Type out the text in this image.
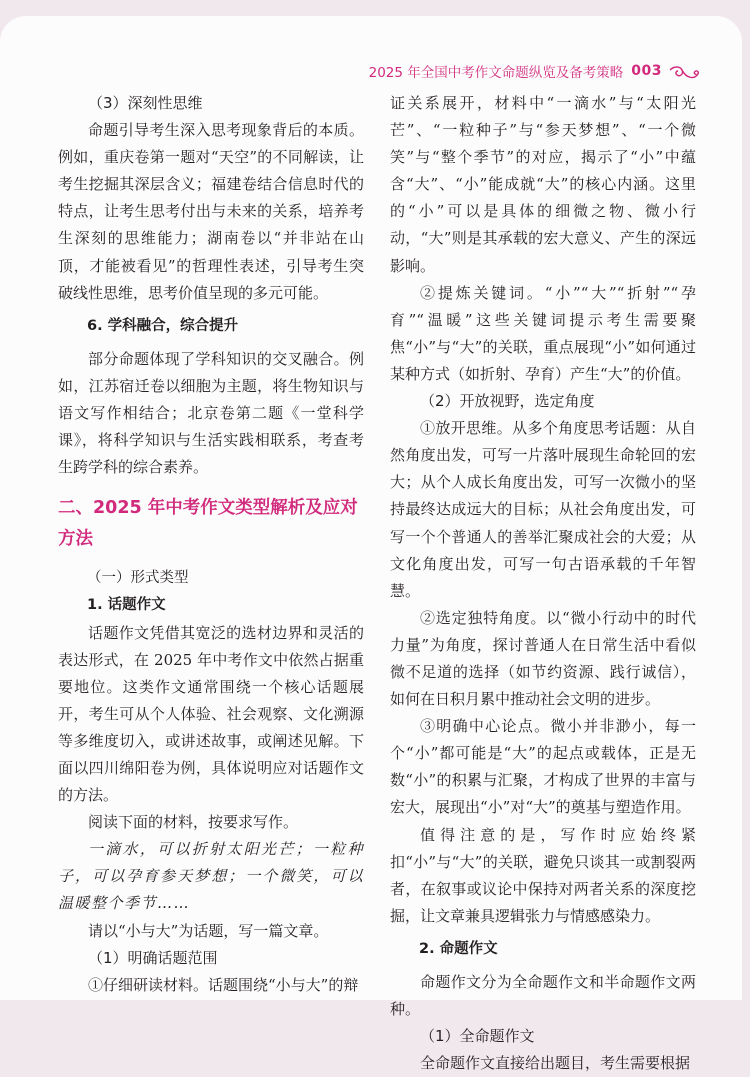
2025 年全国中考作文命题纵览及备考策略 003

（3）深刻性思维

命题引导考生深入思考现象背后的本质。例如，重庆卷第一题对“天空”的不同解读，让考生挖掘其深层含义；福建卷结合信息时代的特点，让考生思考付出与未来的关系，培养考生深刻的思维能力；湖南卷以“并非站在山顶，才能被看见”的哲理性表述，引导考生突破线性思维，思考价值呈现的多元可能。

6. 学科融合，综合提升

部分命题体现了学科知识的交叉融合。例如，江苏宿迁卷以细胞为主题，将生物知识与语文写作相结合；北京卷第二题《一堂科学课》，将科学知识与生活实践相联系，考查考生跨学科的综合素养。

二、2025 年中考作文类型解析及应对方法

（一）形式类型

1. 话题作文

话题作文凭借其宽泛的选材边界和灵活的表达形式，在 2025 年中考作文中依然占据重要地位。这类作文通常围绕一个核心话题展开，考生可从个人体验、社会观察、文化溯源等多维度切入，或讲述故事，或阐述见解。下面以四川绵阳卷为例，具体说明应对话题作文的方法。

阅读下面的材料，按要求写作。

一滴水，可以折射太阳光芒；一粒种子，可以孕育参天梦想；一个微笑，可以温暖整个季节……

请以“小与大”为话题，写一篇文章。

（1）明确话题范围

①仔细研读材料。话题围绕“小与大”的辩

证关系展开，材料中“一滴水”与“太阳光芒”、“一粒种子”与“参天梦想”、“一个微笑”与“整个季节”的对应，揭示了“小”中蕴含“大”、“小”能成就“大”的核心内涵。这里的“小”可以是具体的细微之物、微小行动，“大”则是其承载的宏大意义、产生的深远影响。

②提炼关键词。“小”“大”“折射”“孕育”“温暖”这些关键词提示考生需要聚焦“小”与“大”的关联，重点展现“小”如何通过某种方式（如折射、孕育）产生“大”的价值。

（2）开放视野，选定角度

①放开思维。从多个角度思考话题：从自然角度出发，可写一片落叶展现生命轮回的宏大；从个人成长角度出发，可写一次微小的坚持最终达成远大的目标；从社会角度出发，可写一个个普通人的善举汇聚成社会的大爱；从文化角度出发，可写一句古语承载的千年智慧。

②选定独特角度。以“微小行动中的时代力量”为角度，探讨普通人在日常生活中看似微不足道的选择（如节约资源、践行诚信），如何在日积月累中推动社会文明的进步。

③明确中心论点。微小并非渺小，每一个“小”都可能是“大”的起点或载体，正是无数“小”的积累与汇聚，才构成了世界的丰富与宏大，展现出“小”对“大”的奠基与塑造作用。

值得注意的是，写作时应始终紧扣“小”与“大”的关联，避免只谈其一或割裂两者，在叙事或议论中保持对两者关系的深度挖掘，让文章兼具逻辑张力与情感感染力。

2. 命题作文

命题作文分为全命题作文和半命题作文两种。

（1）全命题作文

全命题作文直接给出题目，考生需要根据
